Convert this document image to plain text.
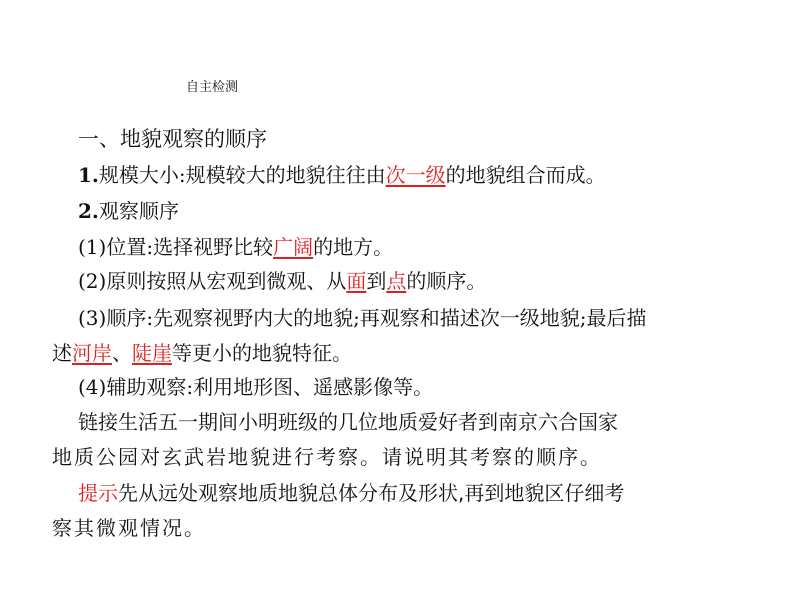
自主检测
一、地貌观察的顺序
1.规模大小:规模较大的地貌往往由次一级的地貌组合而成。
2.观察顺序
(1)位置:选择视野比较广阔的地方。
(2)原则按照从宏观到微观、从面到点的顺序。
(3)顺序:先观察视野内大的地貌;再观察和描述次一级地貌;最后描
述河岸、陡崖等更小的地貌特征。
(4)辅助观察:利用地形图、遥感影像等。
链接生活五一期间小明班级的几位地质爱好者到南京六合国家
地质公园对玄武岩地貌进行考察。请说明其考察的顺序。
提示先从远处观察地质地貌总体分布及形状,再到地貌区仔细考
察其微观情况。
